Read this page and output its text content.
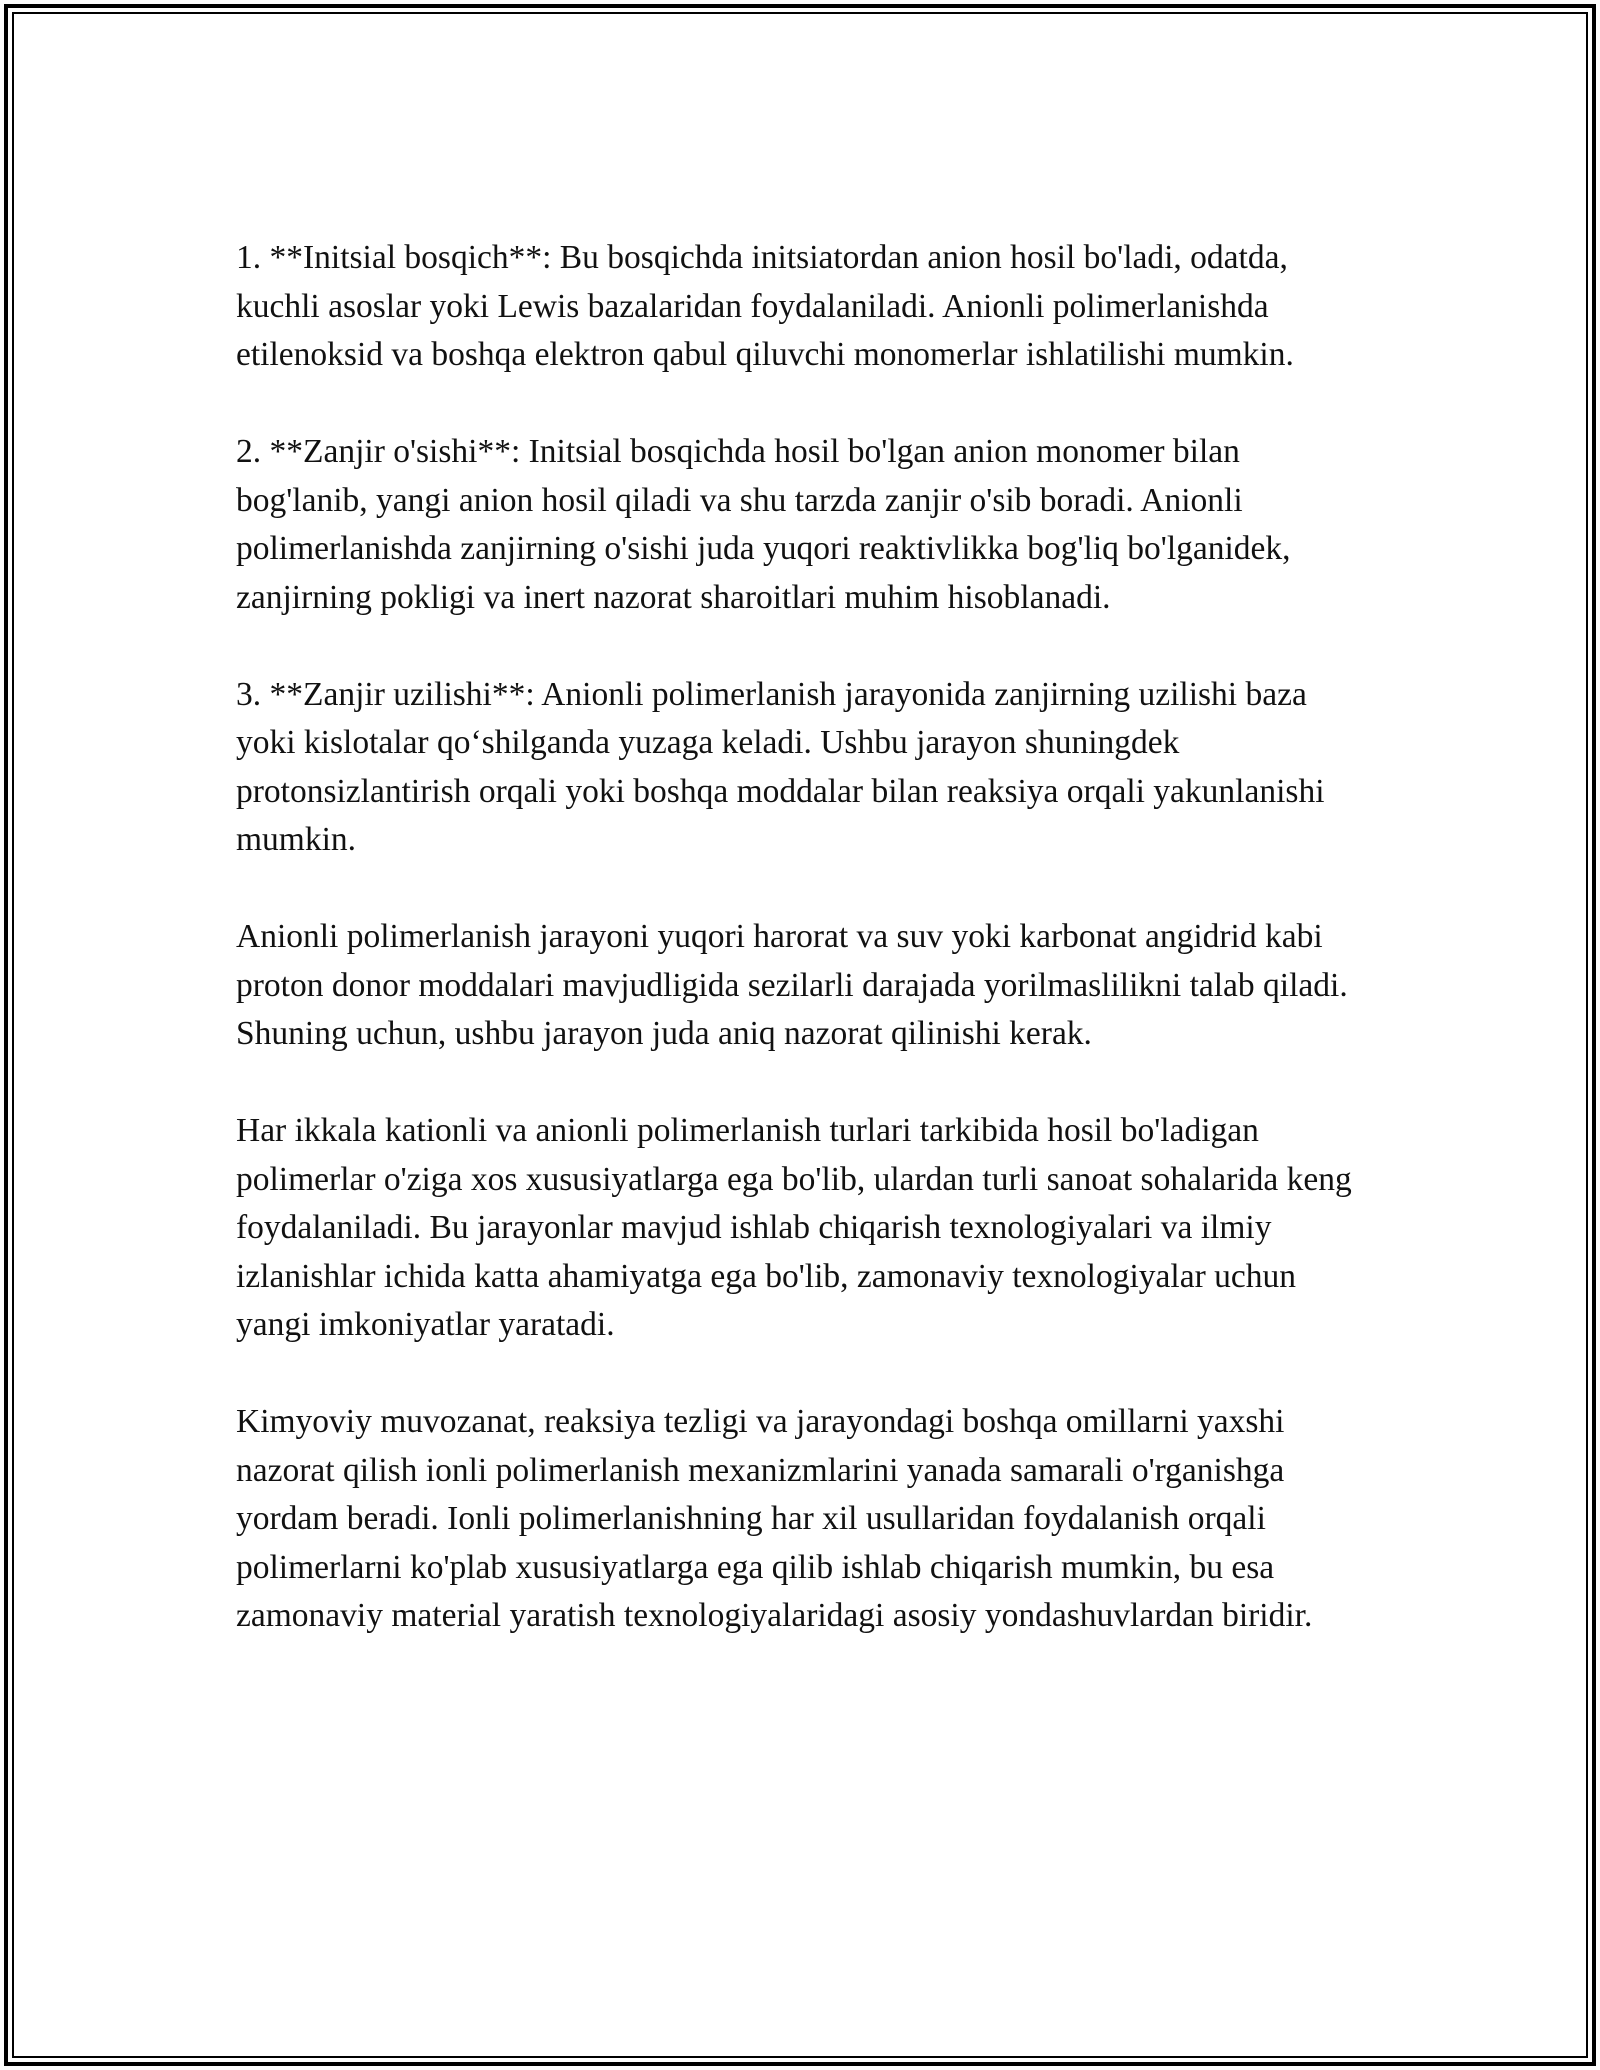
1. **Initsial bosqich**: Bu bosqichda initsiatordan anion hosil bo'ladi, odatda, kuchli asoslar yoki Lewis bazalaridan foydalaniladi. Anionli polimerlanishda etilenoksid va boshqa elektron qabul qiluvchi monomerlar ishlatilishi mumkin.

2. **Zanjir o'sishi**: Initsial bosqichda hosil bo'lgan anion monomer bilan bog'lanib, yangi anion hosil qiladi va shu tarzda zanjir o'sib boradi. Anionli polimerlanishda zanjirning o'sishi juda yuqori reaktivlikka bog'liq bo'lganidek, zanjirning pokligi va inert nazorat sharoitlari muhim hisoblanadi.

3. **Zanjir uzilishi**: Anionli polimerlanish jarayonida zanjirning uzilishi baza yoki kislotalar qo‘shilganda yuzaga keladi. Ushbu jarayon shuningdek protonsizlantirish orqali yoki boshqa moddalar bilan reaksiya orqali yakunlanishi mumkin.

Anionli polimerlanish jarayoni yuqori harorat va suv yoki karbonat angidrid kabi proton donor moddalari mavjudligida sezilarli darajada yorilmaslilikni talab qiladi. Shuning uchun, ushbu jarayon juda aniq nazorat qilinishi kerak.

Har ikkala kationli va anionli polimerlanish turlari tarkibida hosil bo'ladigan polimerlar o'ziga xos xususiyatlarga ega bo'lib, ulardan turli sanoat sohalarida keng foydalaniladi. Bu jarayonlar mavjud ishlab chiqarish texnologiyalari va ilmiy izlanishlar ichida katta ahamiyatga ega bo'lib, zamonaviy texnologiyalar uchun yangi imkoniyatlar yaratadi.

Kimyoviy muvozanat, reaksiya tezligi va jarayondagi boshqa omillarni yaxshi nazorat qilish ionli polimerlanish mexanizmlarini yanada samarali o'rganishga yordam beradi. Ionli polimerlanishning har xil usullaridan foydalanish orqali polimerlarni ko'plab xususiyatlarga ega qilib ishlab chiqarish mumkin, bu esa zamonaviy material yaratish texnologiyalaridagi asosiy yondashuvlardan biridir.
